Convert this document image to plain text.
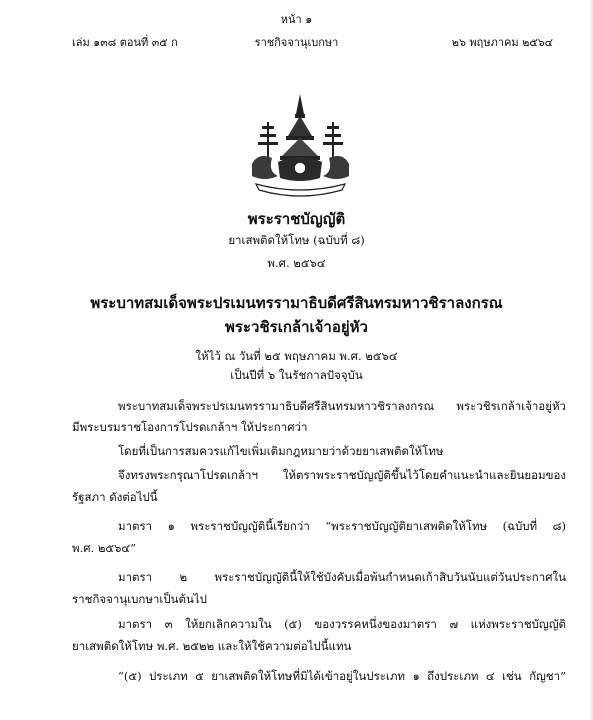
หน้า ๑
เล่ม ๑๓๘ ตอนที่ ๓๕ ก	ราชกิจจานุเบกษา	๒๖ พฤษภาคม ๒๕๖๔
พระราชบัญญัติ
ยาเสพติดให้โทษ (ฉบับที่ ๘)
พ.ศ. ๒๕๖๔
พระบาทสมเด็จพระปรเมนทรรามาธิบดีศรีสินทรมหาวชิราลงกรณ
พระวชิรเกล้าเจ้าอยู่หัว
ให้ไว้ ณ วันที่ ๒๕ พฤษภาคม พ.ศ. ๒๕๖๔
เป็นปีที่ ๖ ในรัชกาลปัจจุบัน
พระบาทสมเด็จพระปรเมนทรรามาธิบดีศรีสินทรมหาวชิราลงกรณ พระวชิรเกล้าเจ้าอยู่หัว
มีพระบรมราชโองการโปรดเกล้าฯ ให้ประกาศว่า
โดยที่เป็นการสมควรแก้ไขเพิ่มเติมกฎหมายว่าด้วยยาเสพติดให้โทษ
จึงทรงพระกรุณาโปรดเกล้าฯ ให้ตราพระราชบัญญัติขึ้นไว้โดยคำแนะนำและยินยอมของ
รัฐสภา ดังต่อไปนี้
มาตรา ๑ พระราชบัญญัตินี้เรียกว่า “พระราชบัญญัติยาเสพติดให้โทษ (ฉบับที่ ๘)
พ.ศ. ๒๕๖๔”
มาตรา ๒ พระราชบัญญัตินี้ให้ใช้บังคับเมื่อพ้นกำหนดเก้าสิบวันนับแต่วันประกาศใน
ราชกิจจานุเบกษาเป็นต้นไป
มาตรา ๓ ให้ยกเลิกความใน (๕) ของวรรคหนึ่งของมาตรา ๗ แห่งพระราชบัญญัติ
ยาเสพติดให้โทษ พ.ศ. ๒๕๒๒ และให้ใช้ความต่อไปนี้แทน
“(๕) ประเภท ๕ ยาเสพติดให้โทษที่มิได้เข้าอยู่ในประเภท ๑ ถึงประเภท ๔ เช่น กัญชา”
